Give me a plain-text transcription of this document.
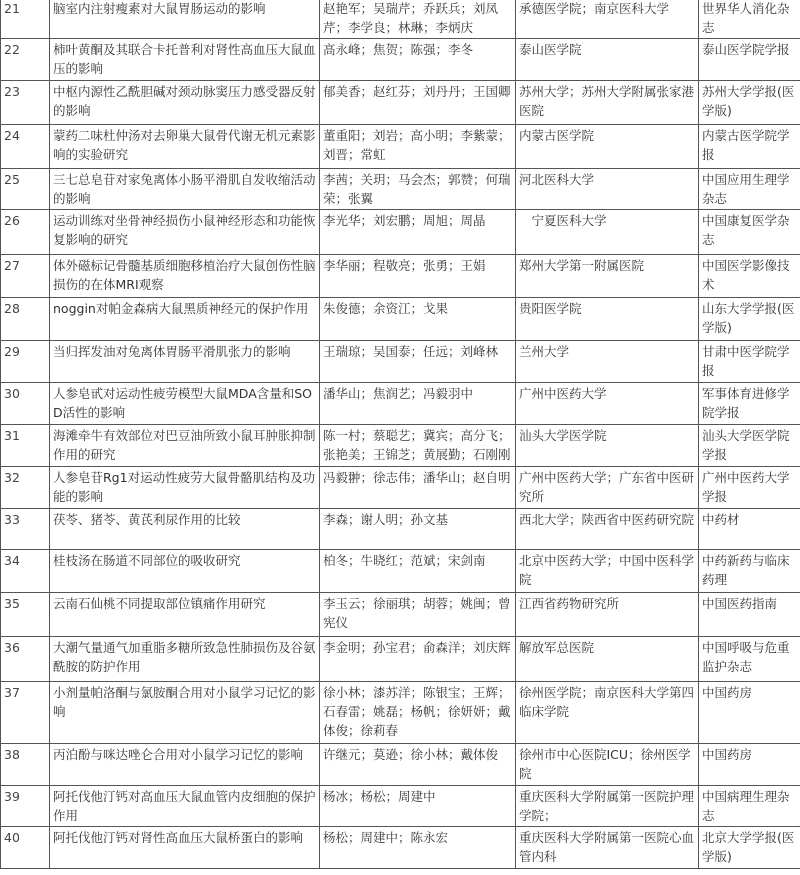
21	脑室内注射瘦素对大鼠胃肠运动的影响	赵艳军；吴瑞芹；乔跃兵；刘凤芹；李学良；林琳；李炳庆	承德医学院；南京医科大学	世界华人消化杂志
22	柿叶黄酮及其联合卡托普利对肾性高血压大鼠血压的影响	高永峰；焦贺；陈强；李冬	泰山医学院	泰山医学院学报
23	中枢内源性乙酰胆碱对颈动脉窦压力感受器反射的影响	郁美香；赵红芬；刘丹丹；王国卿	苏州大学；苏州大学附属张家港医院	苏州大学学报(医学版)
24	蒙药二味杜仲汤对去卵巢大鼠骨代谢无机元素影响的实验研究	董重阳；刘岩；高小明；李紫蒙；刘晋；常虹	内蒙古医学院	内蒙古医学院学报
25	三七总皂苷对家兔离体小肠平滑肌自发收缩活动的影响	李茜；关玥；马会杰；郭赞；何瑞荣；张翼	河北医科大学	中国应用生理学杂志
26	运动训练对坐骨神经损伤小鼠神经形态和功能恢复影响的研究	李光华；刘宏鹏；周旭；周晶	　宁夏医科大学	中国康复医学杂志
27	体外磁标记骨髓基质细胞移植治疗大鼠创伤性脑损伤的在体MRI观察	李华丽；程敬亮；张勇；王娟	郑州大学第一附属医院	中国医学影像技术
28	noggin对帕金森病大鼠黑质神经元的保护作用	朱俊德；余资江；戈果	贵阳医学院	山东大学学报(医学版)
29	当归挥发油对兔离体胃肠平滑肌张力的影响	王瑞琼；吴国泰；任远；刘峰林	兰州大学	甘肃中医学院学报
30	人参皂甙对运动性疲劳模型大鼠MDA含量和SOD活性的影响	潘华山；焦润艺；冯毅羽中	广州中医药大学	军事体育进修学院学报
31	海滩牵牛有效部位对巴豆油所致小鼠耳肿胀抑制作用的研究	陈一村；蔡聪艺；冀宾；高分飞；张艳美；王锦芝；黄展勤；石刚刚	汕头大学医学院	汕头大学医学院学报
32	人参皂苷Rg1对运动性疲劳大鼠骨骼肌结构及功能的影响	冯毅翀；徐志伟；潘华山；赵自明	广州中医药大学；广东省中医研究所	广州中医药大学学报
33	茯苓、猪苓、黄芪利尿作用的比较	李森；谢人明；孙文基	西北大学；陕西省中医药研究院	中药材
34	桂枝汤在肠道不同部位的吸收研究	柏冬；牛晓红；范斌；宋剑南	北京中医药大学；中国中医科学院	中药新药与临床药理
35	云南石仙桃不同提取部位镇痛作用研究	李玉云；徐丽琪；胡蓉；姚闽；曾宪仪	江西省药物研究所	中国医药指南
36	大潮气量通气加重脂多糖所致急性肺损伤及谷氨酰胺的防护作用	李金明；孙宝君；俞森洋；刘庆辉	解放军总医院	中国呼吸与危重监护杂志
37	小剂量帕洛酮与氯胺酮合用对小鼠学习记忆的影响	徐小林；漆苏洋；陈银宝；王辉；石春雷；姚磊；杨帆；徐妍妍；戴体俊；徐莉春	徐州医学院；南京医科大学第四临床学院	中国药房
38	丙泊酚与咪达唑仑合用对小鼠学习记忆的影响	许继元；莫逊；徐小林；戴体俊	徐州市中心医院ICU；徐州医学院	中国药房
39	阿托伐他汀钙对高血压大鼠血管内皮细胞的保护作用	杨冰；杨松；周建中	重庆医科大学附属第一医院护理学院；	中国病理生理杂志
40	阿托伐他汀钙对肾性高血压大鼠桥蛋白的影响	杨松；周建中；陈永宏	重庆医科大学附属第一医院心血管内科	北京大学学报(医学版)
